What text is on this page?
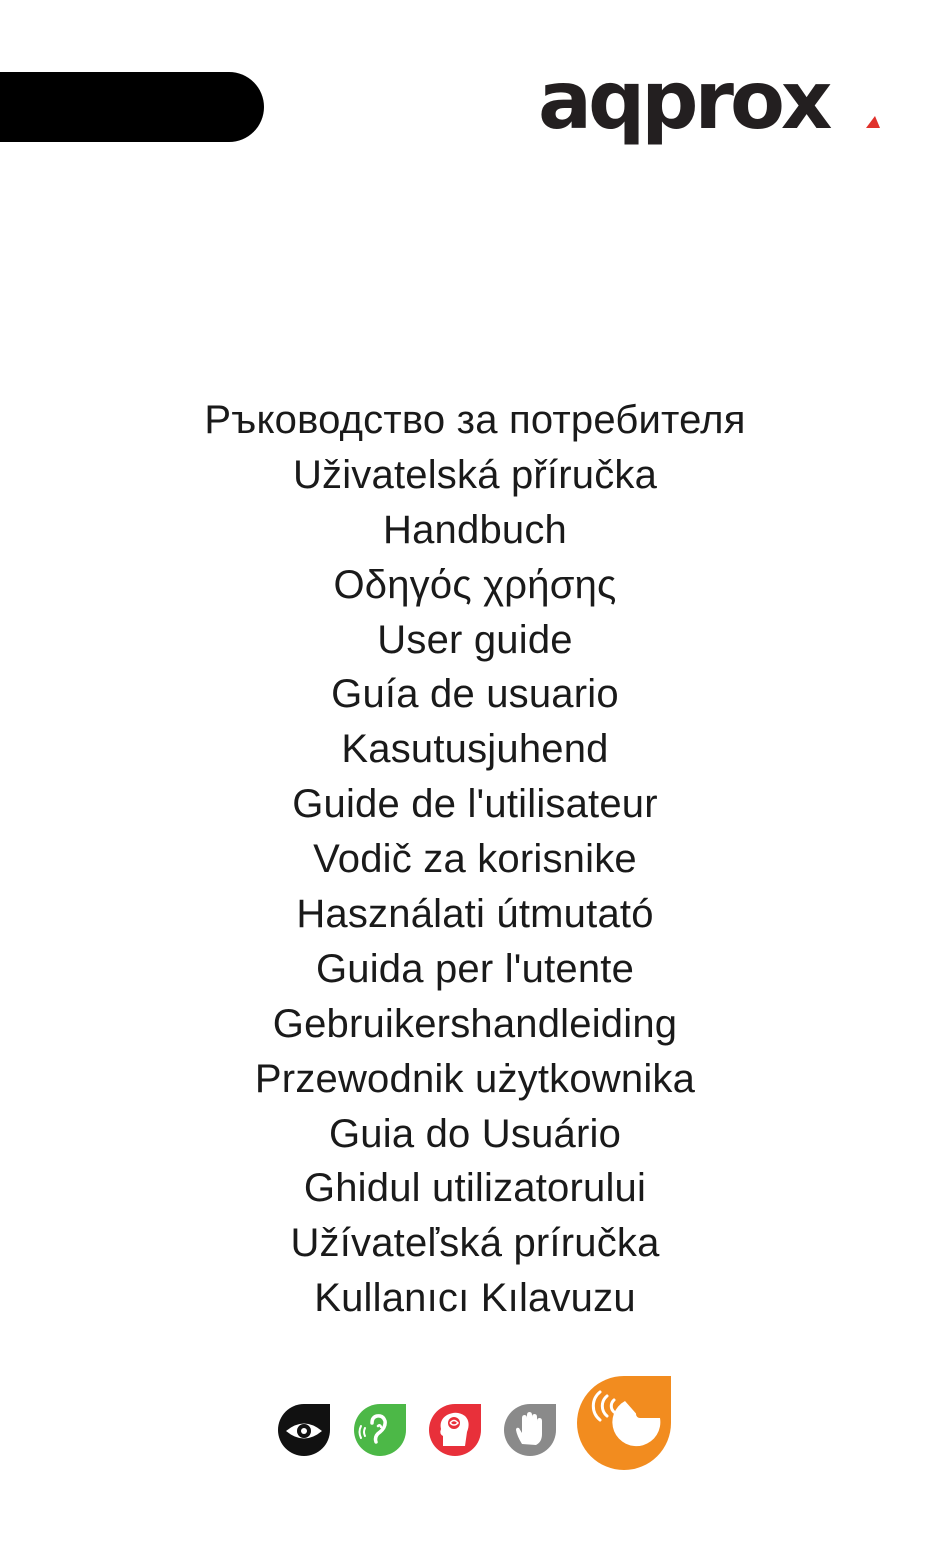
aqprox
Ръководство за потребителя
Uživatelská příručka
Handbuch
Οδηγός χρήσης
User guide
Guía de usuario
Kasutusjuhend
Guide de l'utilisateur
Vodič za korisnike
Használati útmutató
Guida per l'utente
Gebruikershandleiding
Przewodnik użytkownika
Guia do Usuário
Ghidul utilizatorului
Užívateľská príručka
Kullanıcı Kılavuzu
